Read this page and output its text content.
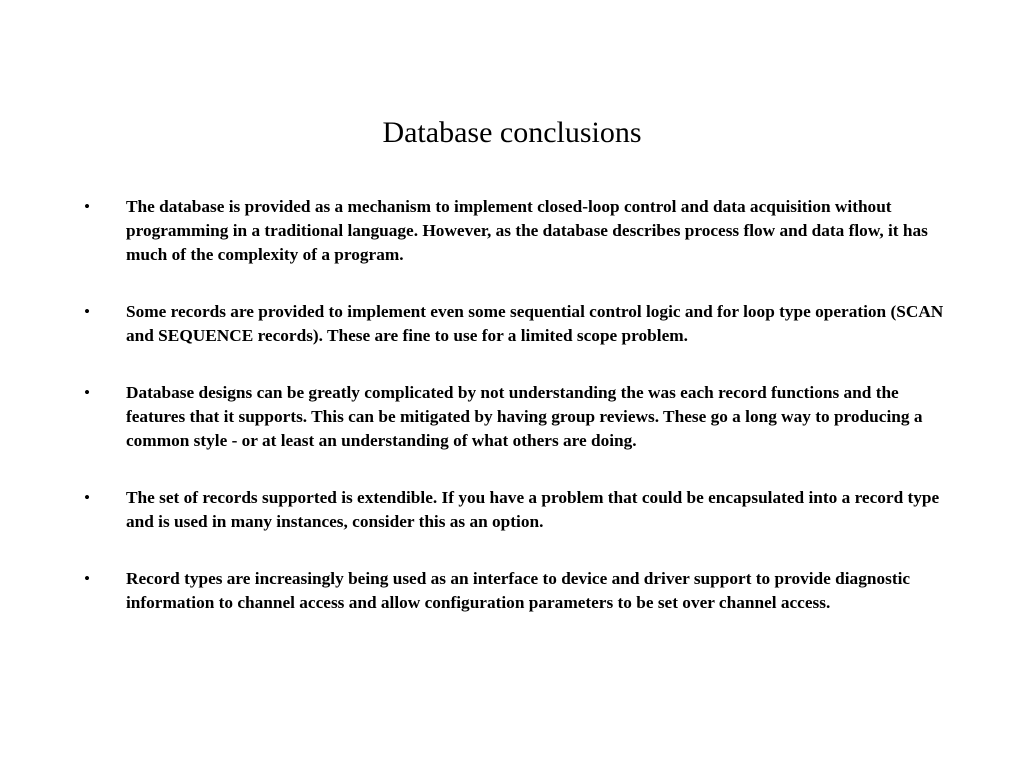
Database conclusions
•	The database is provided as a mechanism to implement closed-loop control and data acquisition without programming in a traditional language. However, as the database describes process flow and data flow, it has much of the complexity of a program.
•	Some records are provided to implement even some sequential control logic and for loop type operation (SCAN and SEQUENCE records). These are fine to use for a limited scope problem.
•	Database designs can be greatly complicated by not understanding the was each record functions and the features that it supports. This can be mitigated by having group reviews. These go a long way to producing a common style - or at least an understanding of what others are doing.
•	The set of records supported is extendible. If you have a problem that could be encapsulated into a record type and is used in many instances, consider this as an option.
•	Record types are increasingly being used as an interface to device and driver support to provide diagnostic information to channel access and allow configuration parameters to be set over channel access.
